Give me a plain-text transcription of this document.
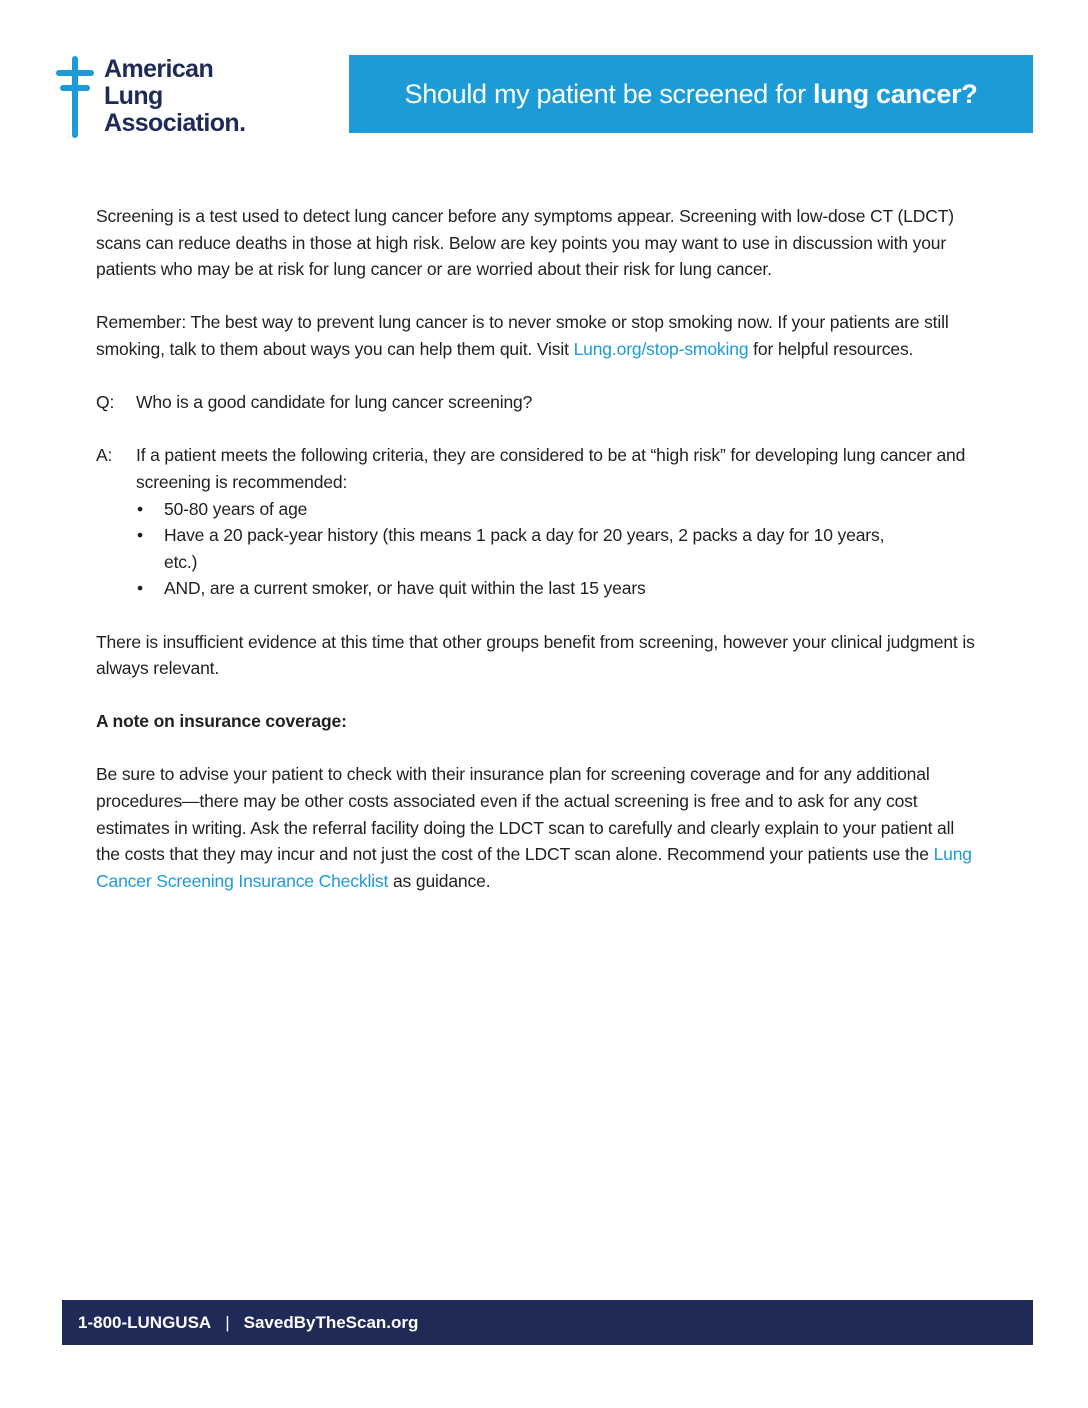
American
Lung
Association.
Should my patient be screened for
lung cancer?

Screening is a test used to detect lung cancer before any symptoms appear. Screening with low-dose CT (LDCT) scans can reduce deaths in those at high risk. Below are key points you may want to use in discussion with your patients who may be at risk for lung cancer or are worried about their risk for lung cancer.

Remember: The best way to prevent lung cancer is to never smoke or stop smoking now. If your patients are still smoking, talk to them about ways you can help them quit. Visit Lung.org/stop-smoking for helpful resources.

Q: Who is a good candidate for lung cancer screening?

A: If a patient meets the following criteria, they are considered to be at “high risk” for developing lung cancer and screening is recommended:

• 50-80 years of age
• Have a 20 pack-year history (this means 1 pack a day for 20 years, 2 packs a day for 10 years, etc.)
• AND, are a current smoker, or have quit within the last 15 years

There is insufficient evidence at this time that other groups benefit from screening, however your clinical judgment is always relevant.

A note on insurance coverage:

Be sure to advise your patient to check with their insurance plan for screening coverage and for any additional procedures—there may be other costs associated even if the actual screening is free and to ask for any cost estimates in writing. Ask the referral facility doing the LDCT scan to carefully and clearly explain to your patient all the costs that they may incur and not just the cost of the LDCT scan alone. Recommend your patients use the Lung Cancer Screening Insurance Checklist as guidance.

1-800-LUNGUSA | SavedByTheScan.org
